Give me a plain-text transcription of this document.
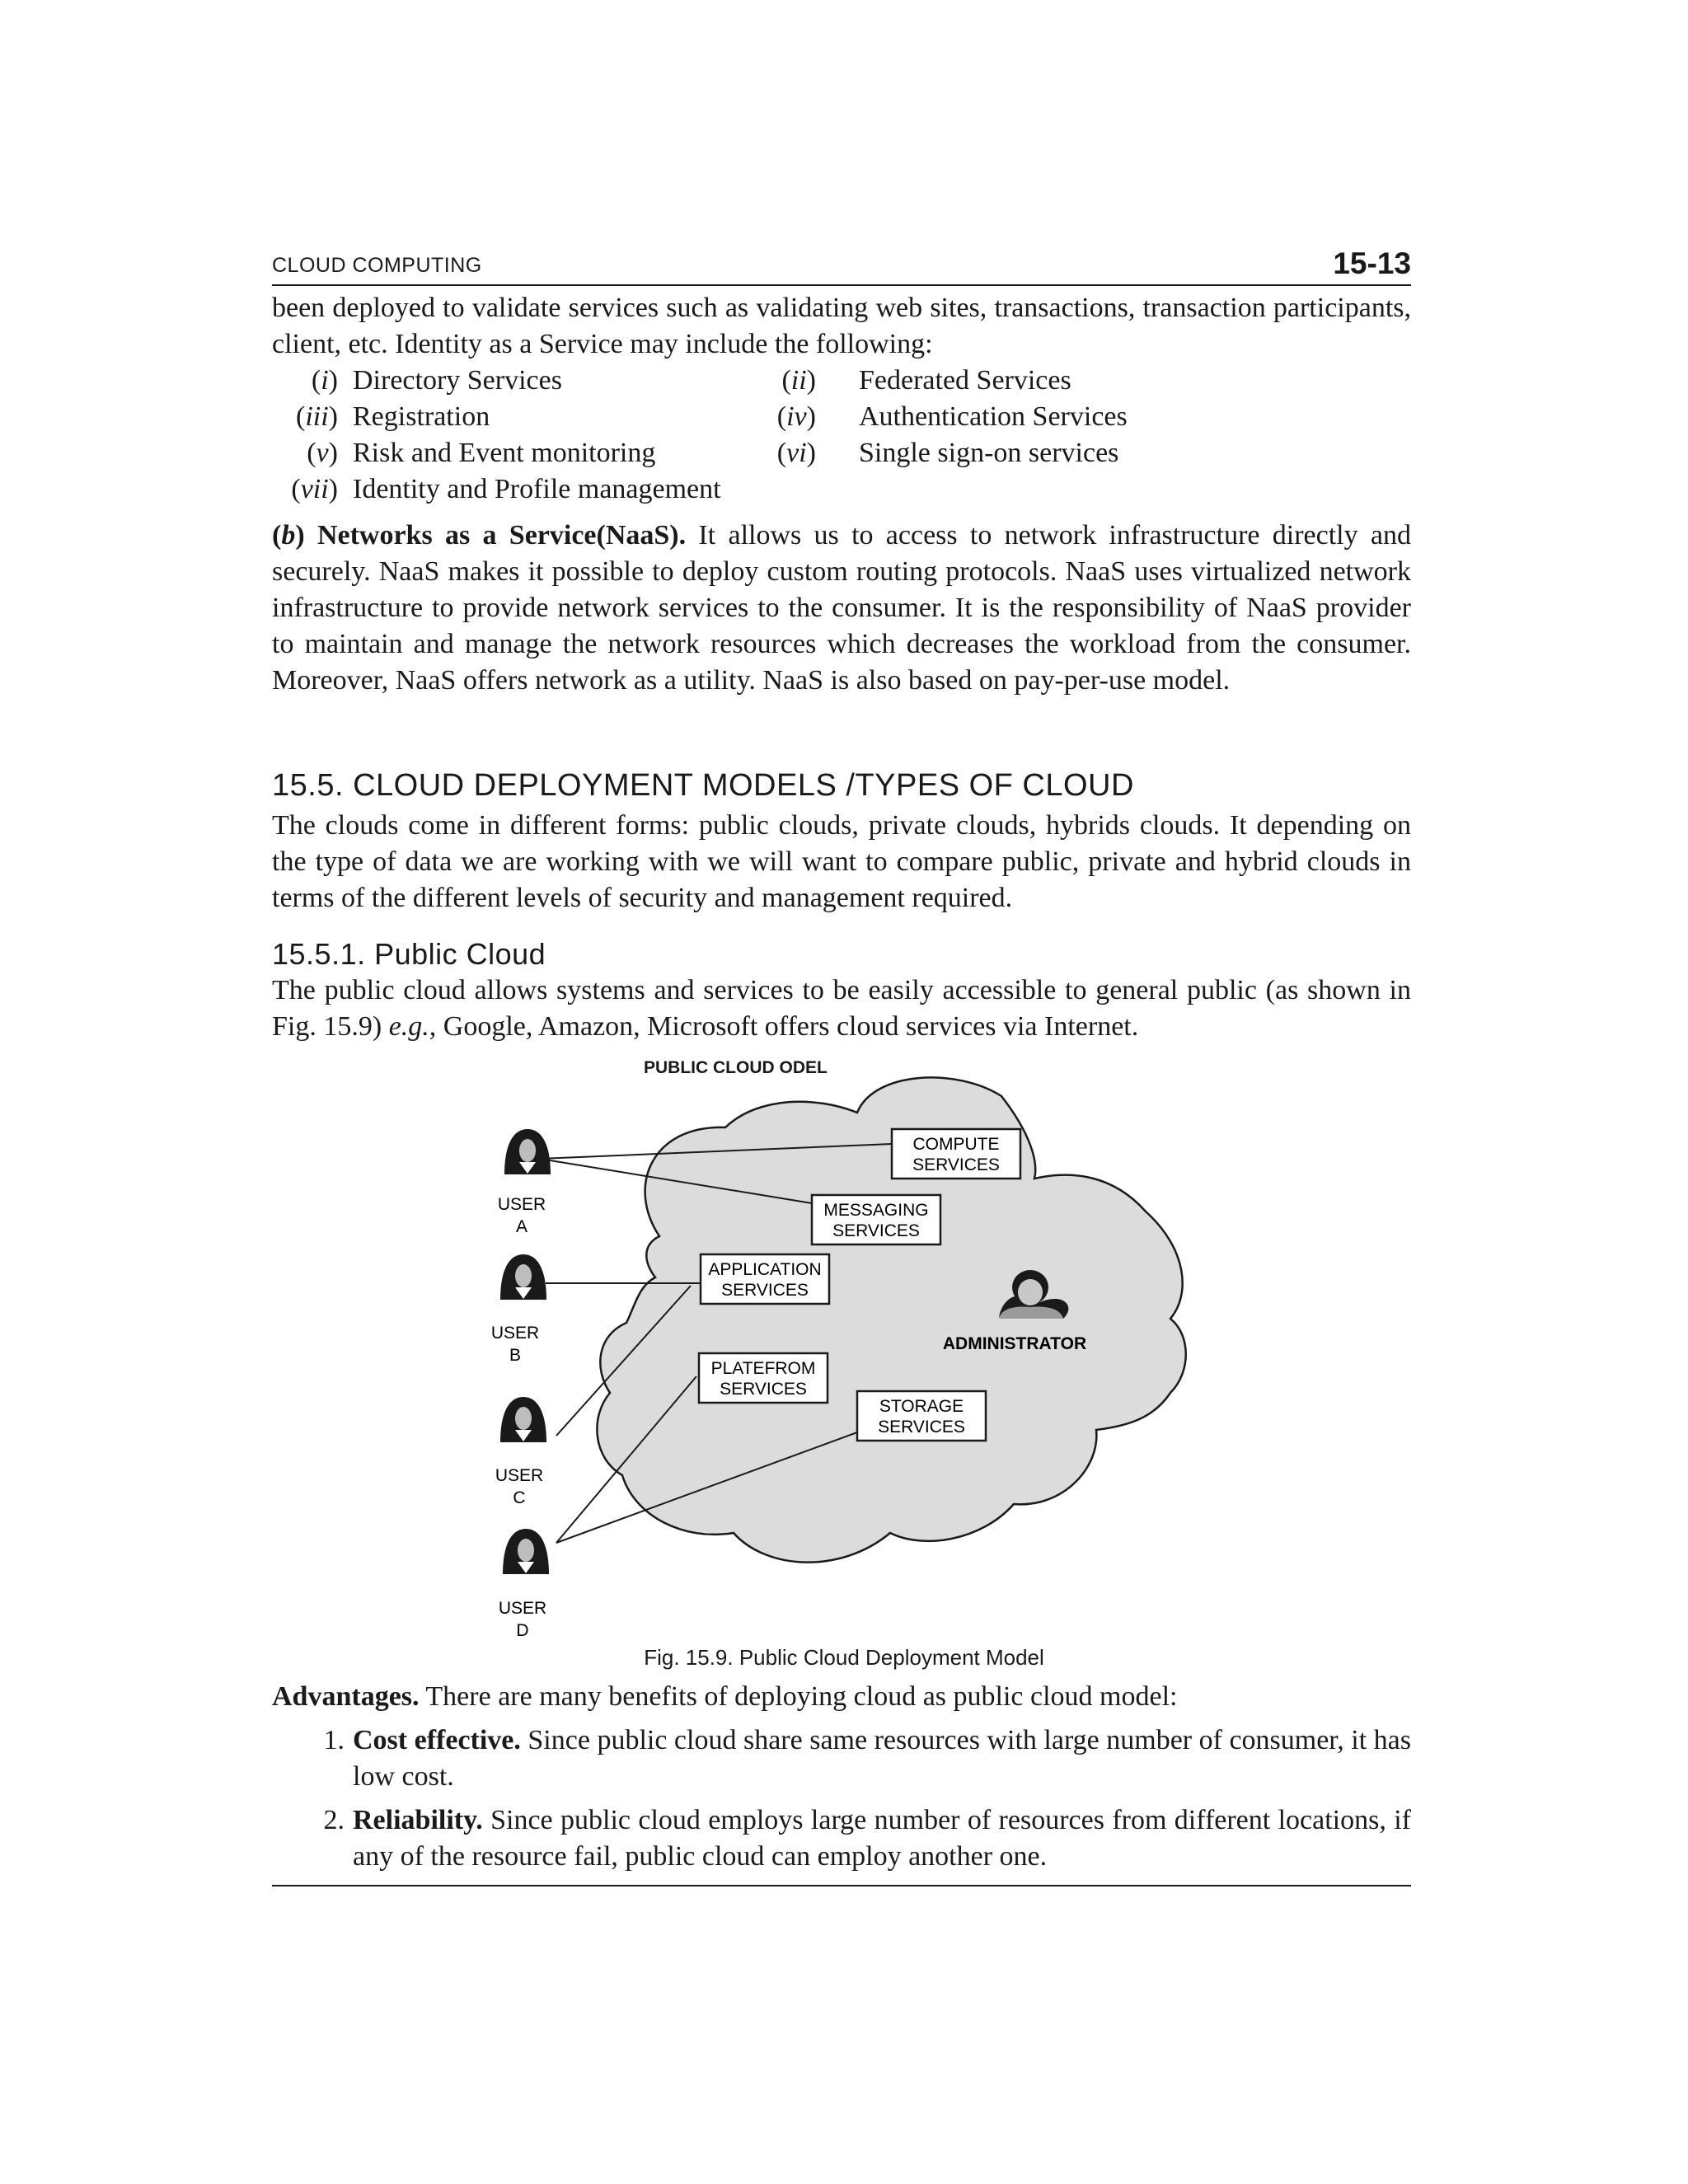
CLOUD COMPUTING	15-13
been deployed to validate services such as validating web sites, transactions, transaction participants, client, etc. Identity as a Service may include the following:
(i) Directory Services	(ii) Federated Services
(iii) Registration	(iv) Authentication Services
(v) Risk and Event monitoring	(vi) Single sign-on services
(vii) Identity and Profile management
(b) Networks as a Service(NaaS). It allows us to access to network infrastructure directly and securely. NaaS makes it possible to deploy custom routing protocols. NaaS uses virtualized network infrastructure to provide network services to the consumer. It is the responsibility of NaaS provider to maintain and manage the network resources which decreases the workload from the consumer. Moreover, NaaS offers network as a utility. NaaS is also based on pay-per-use model.
15.5. CLOUD DEPLOYMENT MODELS /TYPES OF CLOUD
The clouds come in different forms: public clouds, private clouds, hybrids clouds. It depending on the type of data we are working with we will want to compare public, private and hybrid clouds in terms of the different levels of security and management required.
15.5.1. Public Cloud
The public cloud allows systems and services to be easily accessible to general public (as shown in Fig. 15.9) e.g., Google, Amazon, Microsoft offers cloud services via Internet.
PUBLIC CLOUD ODEL
COMPUTE
SERVICES
MESSAGING
SERVICES
APPLICATION
SERVICES
PLATEFROM
SERVICES
STORAGE
SERVICES
ADMINISTRATOR
USER
A
USER
B
USER
C
USER
D
Fig. 15.9. Public Cloud Deployment Model
Advantages. There are many benefits of deploying cloud as public cloud model:
1. Cost effective. Since public cloud share same resources with large number of consumer, it has low cost.
2. Reliability. Since public cloud employs large number of resources from different locations, if any of the resource fail, public cloud can employ another one.
